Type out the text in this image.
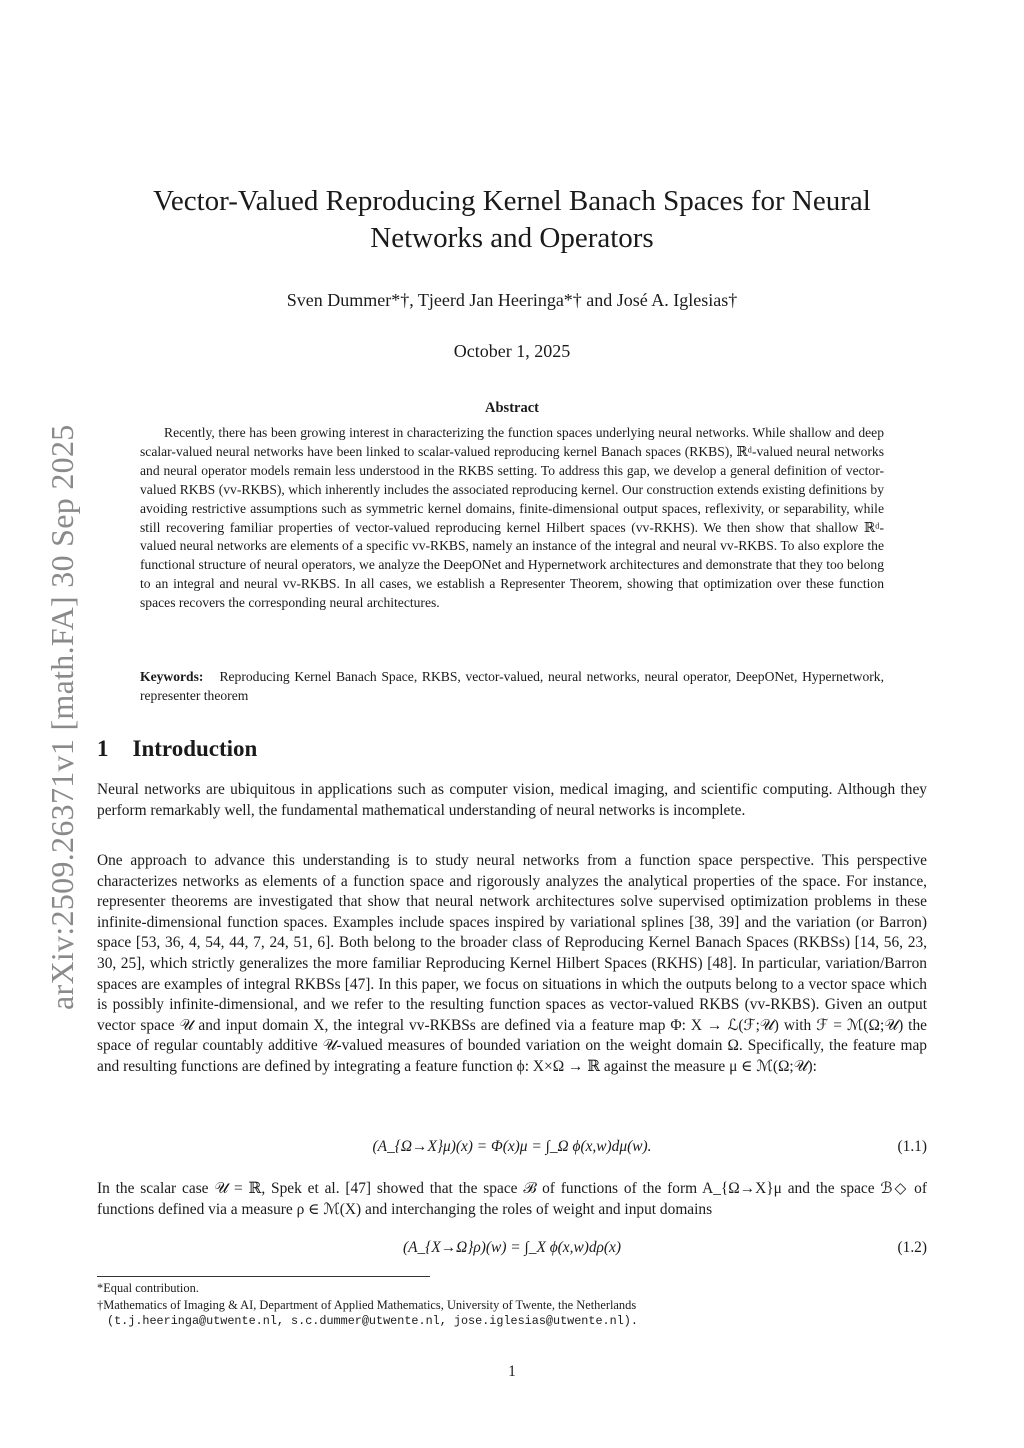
arXiv:2509.26371v1 [math.FA] 30 Sep 2025
Vector-Valued Reproducing Kernel Banach Spaces for Neural Networks and Operators
Sven Dummer*†, Tjeerd Jan Heeringa*† and José A. Iglesias†
October 1, 2025
Abstract
Recently, there has been growing interest in characterizing the function spaces underlying neural networks. While shallow and deep scalar-valued neural networks have been linked to scalar-valued reproducing kernel Banach spaces (RKBS), ℝᵈ-valued neural networks and neural operator models remain less understood in the RKBS setting. To address this gap, we develop a general definition of vector-valued RKBS (vv-RKBS), which inherently includes the associated reproducing kernel. Our construction extends existing definitions by avoiding restrictive assumptions such as symmetric kernel domains, finite-dimensional output spaces, reflexivity, or separability, while still recovering familiar properties of vector-valued reproducing kernel Hilbert spaces (vv-RKHS). We then show that shallow ℝᵈ-valued neural networks are elements of a specific vv-RKBS, namely an instance of the integral and neural vv-RKBS. To also explore the functional structure of neural operators, we analyze the DeepONet and Hypernetwork architectures and demonstrate that they too belong to an integral and neural vv-RKBS. In all cases, we establish a Representer Theorem, showing that optimization over these function spaces recovers the corresponding neural architectures.
Keywords: Reproducing Kernel Banach Space, RKBS, vector-valued, neural networks, neural operator, DeepONet, Hypernetwork, representer theorem
1 Introduction
Neural networks are ubiquitous in applications such as computer vision, medical imaging, and scientific computing. Although they perform remarkably well, the fundamental mathematical understanding of neural networks is incomplete.
One approach to advance this understanding is to study neural networks from a function space perspective. This perspective characterizes networks as elements of a function space and rigorously analyzes the analytical properties of the space. For instance, representer theorems are investigated that show that neural network architectures solve supervised optimization problems in these infinite-dimensional function spaces. Examples include spaces inspired by variational splines [38, 39] and the variation (or Barron) space [53, 36, 4, 54, 44, 7, 24, 51, 6]. Both belong to the broader class of Reproducing Kernel Banach Spaces (RKBSs) [14, 56, 23, 30, 25], which strictly generalizes the more familiar Reproducing Kernel Hilbert Spaces (RKHS) [48]. In particular, variation/Barron spaces are examples of integral RKBSs [47]. In this paper, we focus on situations in which the outputs belong to a vector space which is possibly infinite-dimensional, and we refer to the resulting function spaces as vector-valued RKBS (vv-RKBS). Given an output vector space 𝒰 and input domain X, the integral vv-RKBSs are defined via a feature map Φ: X → ℒ(ℱ;𝒰) with ℱ = ℳ(Ω;𝒰) the space of regular countably additive 𝒰-valued measures of bounded variation on the weight domain Ω. Specifically, the feature map and resulting functions are defined by integrating a feature function ϕ: X×Ω → ℝ against the measure μ ∈ ℳ(Ω;𝒰):
(A_{Ω→X}μ)(x) = Φ(x)μ = ∫_Ω ϕ(x,w)dμ(w).	(1.1)
In the scalar case 𝒰 = ℝ, Spek et al. [47] showed that the space ℬ of functions of the form A_{Ω→X}μ and the space ℬ◇ of functions defined via a measure ρ ∈ ℳ(X) and interchanging the roles of weight and input domains
(A_{X→Ω}ρ)(w) = ∫_X ϕ(x,w)dρ(x)	(1.2)
*Equal contribution.
†Mathematics of Imaging & AI, Department of Applied Mathematics, University of Twente, the Netherlands
(t.j.heeringa@utwente.nl, s.c.dummer@utwente.nl, jose.iglesias@utwente.nl).
1
